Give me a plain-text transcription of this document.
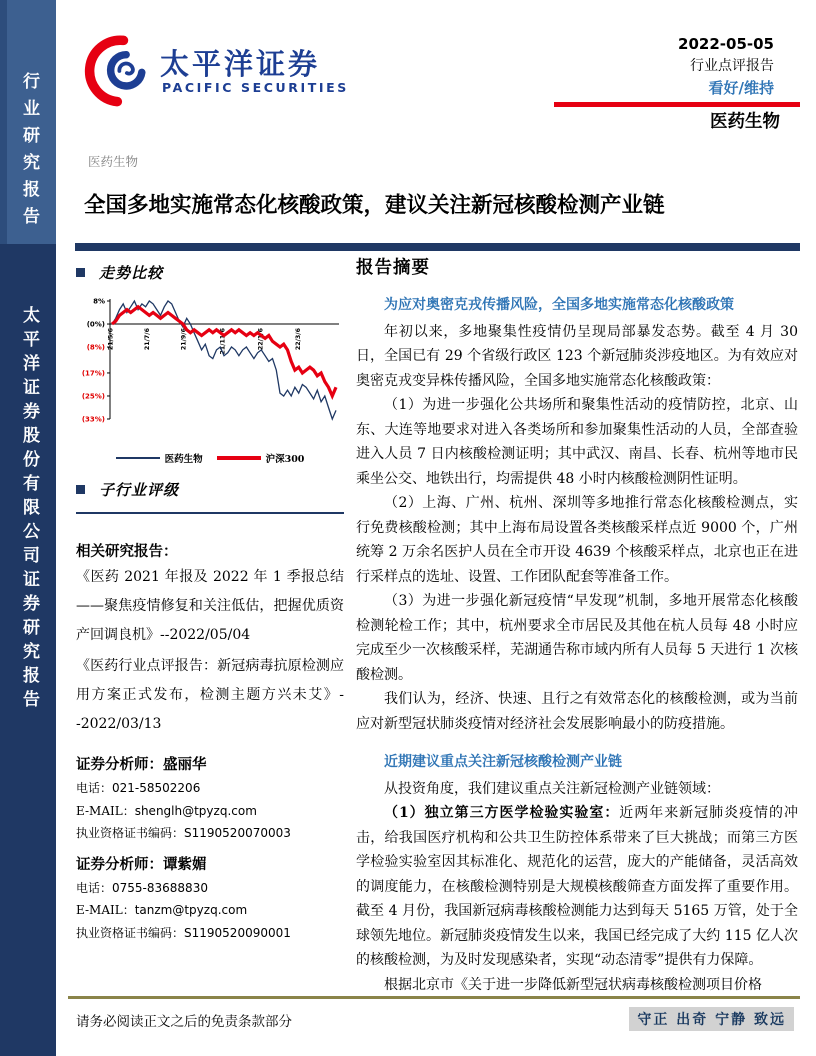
行业研究报告
太平洋证券股份有限公司证券研究报告
太平洋证券
PACIFIC SECURITIES
2022-05-05
行业点评报告
看好/维持
医药生物
医药生物
全国多地实施常态化核酸政策，建议关注新冠核酸检测产业链
走势比较
8%
(0%)
(8%)
(17%)
(25%)
(33%)
21/5/6	21/7/6	21/9/6	21/11/6	22/1/6	22/3/6
医药生物	沪深300
子行业评级
相关研究报告：
《医药 2021 年报及 2022 年 1 季报总结——聚焦疫情修复和关注低估，把握优质资产回调良机》--2022/05/04
《医药行业点评报告：新冠病毒抗原检测应用方案正式发布，检测主题方兴未艾》--2022/03/13
证券分析师：盛丽华
电话：021-58502206
E-MAIL：shenglh@tpyzq.com
执业资格证书编码：S1190520070003
证券分析师：谭紫媚
电话：0755-83688830
E-MAIL：tanzm@tpyzq.com
执业资格证书编码：S1190520090001
报告摘要

为应对奥密克戎传播风险，全国多地实施常态化核酸政策

年初以来，多地聚集性疫情仍呈现局部暴发态势。截至 4 月 30 日，全国已有 29 个省级行政区 123 个新冠肺炎涉疫地区。为有效应对奥密克戎变异株传播风险，全国多地实施常态化核酸政策：

（1）为进一步强化公共场所和聚集性活动的疫情防控，北京、山东、大连等地要求对进入各类场所和参加聚集性活动的人员，全部查验进入人员 7 日内核酸检测证明；其中武汉、南昌、长春、杭州等地市民乘坐公交、地铁出行，均需提供 48 小时内核酸检测阴性证明。

（2）上海、广州、杭州、深圳等多地推行常态化核酸检测点，实行免费核酸检测；其中上海布局设置各类核酸采样点近 9000 个，广州统筹 2 万余名医护人员在全市开设 4639 个核酸采样点，北京也正在进行采样点的选址、设置、工作团队配套等准备工作。

（3）为进一步强化新冠疫情“早发现”机制，多地开展常态化核酸检测轮检工作；其中，杭州要求全市居民及其他在杭人员每 48 小时应完成至少一次核酸采样，芜湖通告称市域内所有人员每 5 天进行 1 次核酸检测。

我们认为，经济、快速、且行之有效常态化的核酸检测，或为当前应对新型冠状肺炎疫情对经济社会发展影响最小的防疫措施。

近期建议重点关注新冠核酸检测产业链

从投资角度，我们建议重点关注新冠检测产业链领域：

（1）独立第三方医学检验实验室：近两年来新冠肺炎疫情的冲击，给我国医疗机构和公共卫生防控体系带来了巨大挑战；而第三方医学检验实验室因其标准化、规范化的运营，庞大的产能储备，灵活高效的调度能力，在核酸检测特别是大规模核酸筛查方面发挥了重要作用。截至 4 月份，我国新冠病毒核酸检测能力达到每天 5165 万管，处于全球领先地位。新冠肺炎疫情发生以来，我国已经完成了大约 115 亿人次的核酸检测，为及时发现感染者，实现“动态清零”提供有力保障。

根据北京市《关于进一步降低新型冠状病毒核酸检测项目价格

请务必阅读正文之后的免责条款部分	守正 出奇 宁静 致远
